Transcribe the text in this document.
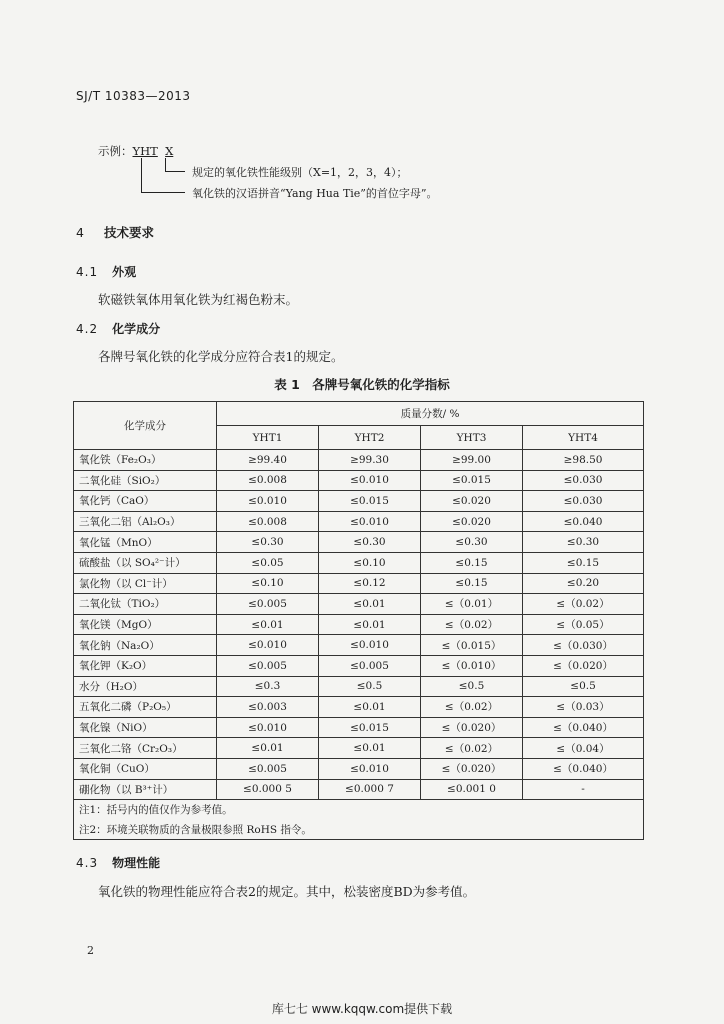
SJ/T 10383—2013
示例：YHT X
规定的氧化铁性能级别（X=1，2，3，4）；
氧化铁的汉语拼音“Yang Hua Tie”的首位字母”。
4 技术要求
4.1 外观
软磁铁氧体用氧化铁为红褐色粉末。
4.2 化学成分
各牌号氧化铁的化学成分应符合表1的规定。
表 1　各牌号氧化铁的化学指标
化学成分	质量分数/ %			
	YHT1	YHT2	YHT3	YHT4
氧化铁（Fe₂O₃）	≥99.40	≥99.30	≥99.00	≥98.50
二氧化硅（SiO₂）	≤0.008	≤0.010	≤0.015	≤0.030
氧化钙（CaO）	≤0.010	≤0.015	≤0.020	≤0.030
三氧化二铝（Al₂O₃）	≤0.008	≤0.010	≤0.020	≤0.040
氧化锰（MnO）	≤0.30	≤0.30	≤0.30	≤0.30
硫酸盐（以 SO₄²⁻计）	≤0.05	≤0.10	≤0.15	≤0.15
氯化物（以 Cl⁻计）	≤0.10	≤0.12	≤0.15	≤0.20
二氧化钛（TiO₂）	≤0.005	≤0.01	≤（0.01）	≤（0.02）
氧化镁（MgO）	≤0.01	≤0.01	≤（0.02）	≤（0.05）
氧化钠（Na₂O）	≤0.010	≤0.010	≤（0.015）	≤（0.030）
氧化钾（K₂O）	≤0.005	≤0.005	≤（0.010）	≤（0.020）
水分（H₂O）	≤0.3	≤0.5	≤0.5	≤0.5
五氧化二磷（P₂O₅）	≤0.003	≤0.01	≤（0.02）	≤（0.03）
氧化镍（NiO）	≤0.010	≤0.015	≤（0.020）	≤（0.040）
三氧化二铬（Cr₂O₃）	≤0.01	≤0.01	≤（0.02）	≤（0.04）
氧化铜（CuO）	≤0.005	≤0.010	≤（0.020）	≤（0.040）
硼化物（以 B³⁺计）	≤0.000 5	≤0.000 7	≤0.001 0	-
注1：括号内的值仅作为参考值。				
注2：环境关联物质的含量极限参照 RoHS 指令。				
4.3 物理性能
氧化铁的物理性能应符合表2的规定。其中，松装密度BD为参考值。
2
库七七 www.kqqw.com提供下载
